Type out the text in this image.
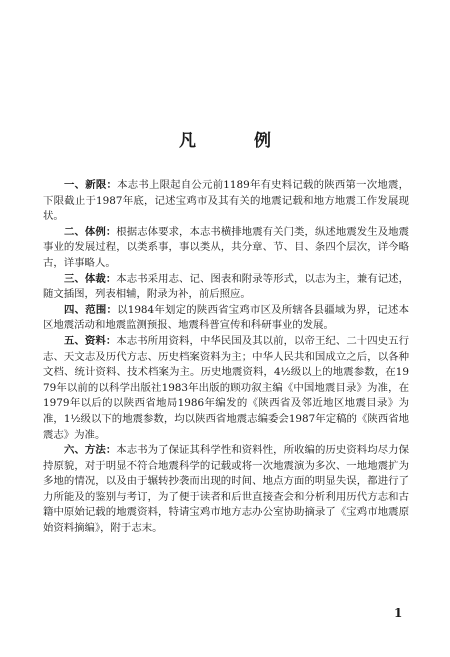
凡 例

一、新限：本志书上限起自公元前1189年有史料记载的陕西第一次地震，下限截止于1987年底，记述宝鸡市及其有关的地震记载和地方地震工作发展现状。

二、体例：根据志体要求，本志书横排地震有关门类，纵述地震发生及地震事业的发展过程，以类系事，事以类从，共分章、节、目、条四个层次，详今略古，详事略人。

三、体裁：本志书采用志、记、图表和附录等形式，以志为主，兼有记述，随文插图，列表相辅，附录为补，前后照应。

四、范围：以1984年划定的陕西省宝鸡市区及所辖各县疆域为界，记述本区地震活动和地震监测预报、地震科普宣传和科研事业的发展。

五、资料：本志书所用资料，中华民国及其以前，以帝王纪、二十四史五行志、天文志及历代方志、历史档案资料为主；中华人民共和国成立之后，以各种文档、统计资料、技术档案为主。历史地震资料，4½级以上的地震参数，在1979年以前的以科学出版社1983年出版的顾功叙主编《中国地震目录》为准，在1979年以后的以陕西省地局1986年编发的《陕西省及邻近地区地震目录》为准，1½级以下的地震参数，均以陕西省地震志编委会1987年定稿的《陕西省地震志》为准。

六、方法：本志书为了保证其科学性和资料性，所收编的历史资料均尽力保持原貌，对于明显不符合地震科学的记载或将一次地震演为多次、一地地震扩为多地的情况，以及由于辗转抄袭而出现的时间、地点方面的明显失误，都进行了力所能及的鉴别与考订，为了便于读者和后世直接查会和分析利用历代方志和古籍中原始记载的地震资料，特请宝鸡市地方志办公室协助摘录了《宝鸡市地震原始资料摘编》，附于志末。

1
